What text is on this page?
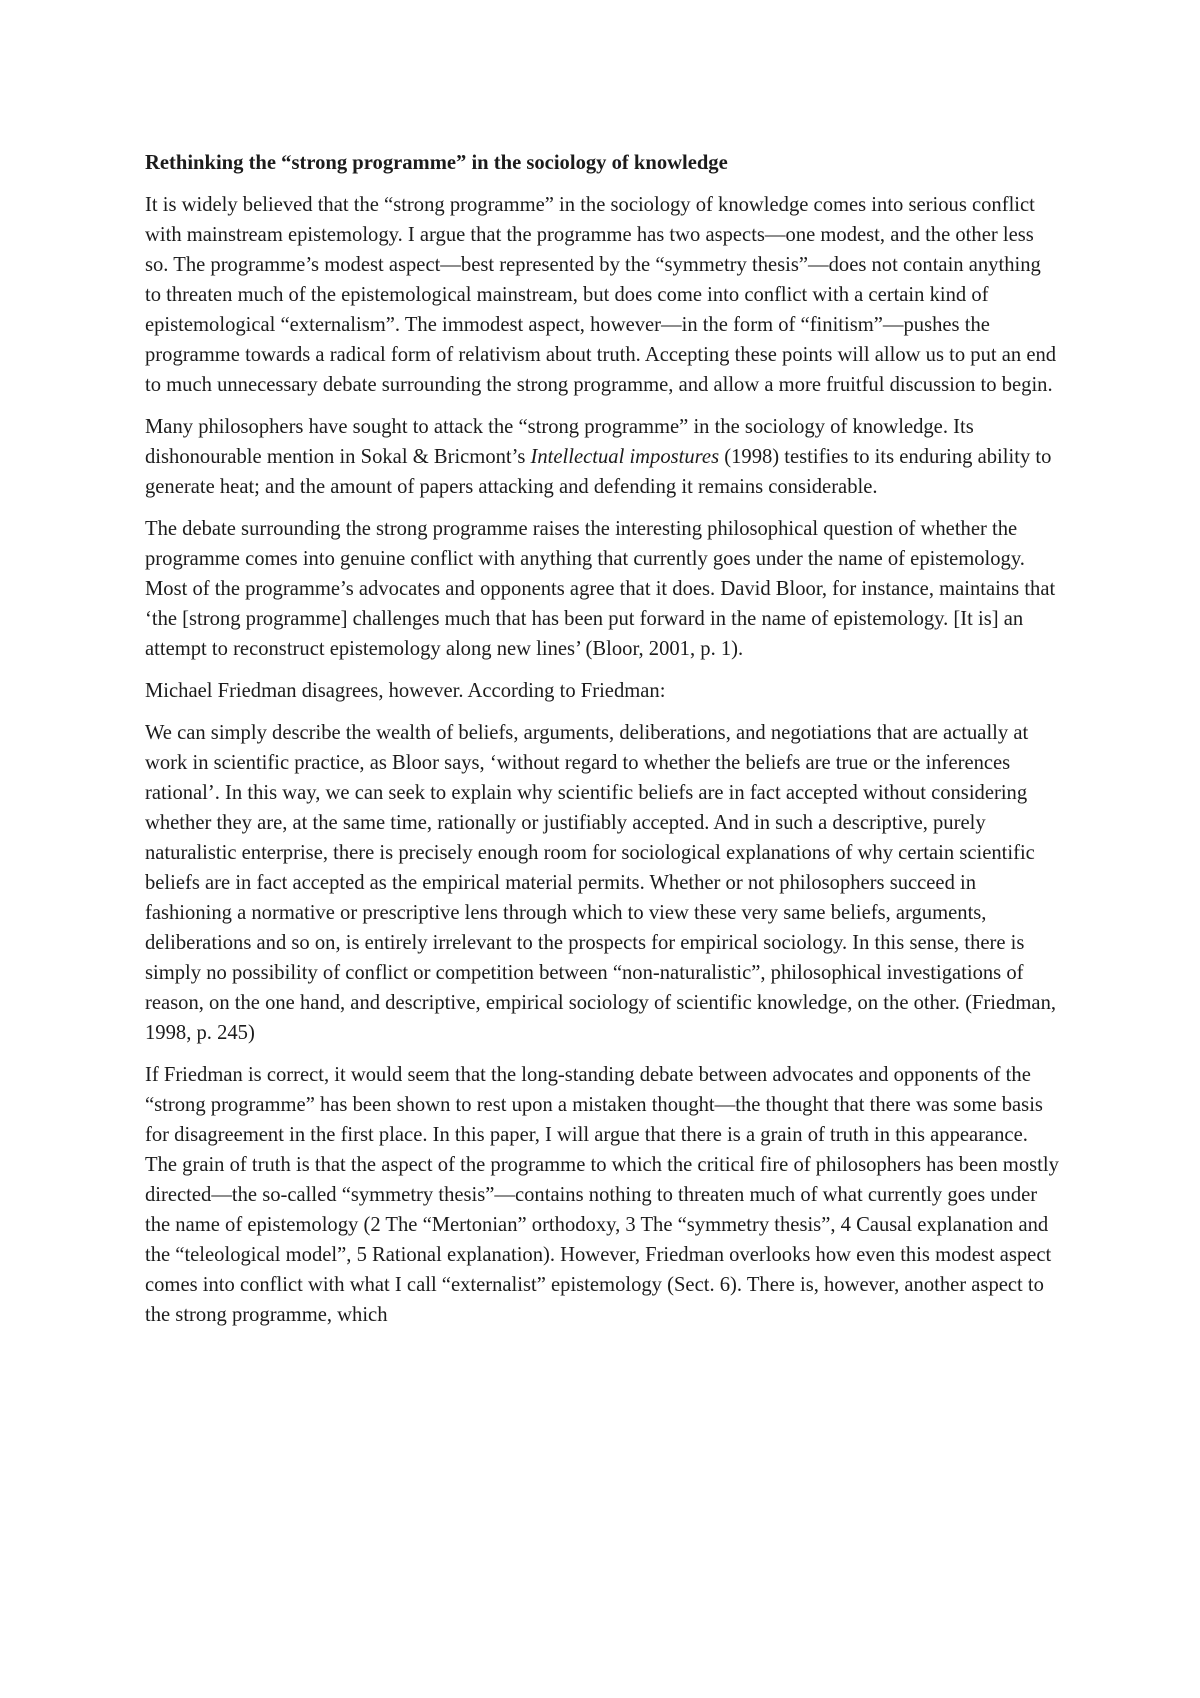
Rethinking the “strong programme” in the sociology of knowledge

It is widely believed that the “strong programme” in the sociology of knowledge comes into serious conflict with mainstream epistemology. I argue that the programme has two aspects—one modest, and the other less so. The programme’s modest aspect—best represented by the “symmetry thesis”—does not contain anything to threaten much of the epistemological mainstream, but does come into conflict with a certain kind of epistemological “externalism”. The immodest aspect, however—in the form of “finitism”—pushes the programme towards a radical form of relativism about truth. Accepting these points will allow us to put an end to much unnecessary debate surrounding the strong programme, and allow a more fruitful discussion to begin.

Many philosophers have sought to attack the “strong programme” in the sociology of knowledge. Its dishonourable mention in Sokal & Bricmont’s Intellectual impostures (1998) testifies to its enduring ability to generate heat; and the amount of papers attacking and defending it remains considerable.

The debate surrounding the strong programme raises the interesting philosophical question of whether the programme comes into genuine conflict with anything that currently goes under the name of epistemology. Most of the programme’s advocates and opponents agree that it does. David Bloor, for instance, maintains that ‘the [strong programme] challenges much that has been put forward in the name of epistemology. [It is] an attempt to reconstruct epistemology along new lines’ (Bloor, 2001, p. 1).

Michael Friedman disagrees, however. According to Friedman:

We can simply describe the wealth of beliefs, arguments, deliberations, and negotiations that are actually at work in scientific practice, as Bloor says, ‘without regard to whether the beliefs are true or the inferences rational’. In this way, we can seek to explain why scientific beliefs are in fact accepted without considering whether they are, at the same time, rationally or justifiably accepted. And in such a descriptive, purely naturalistic enterprise, there is precisely enough room for sociological explanations of why certain scientific beliefs are in fact accepted as the empirical material permits. Whether or not philosophers succeed in fashioning a normative or prescriptive lens through which to view these very same beliefs, arguments, deliberations and so on, is entirely irrelevant to the prospects for empirical sociology. In this sense, there is simply no possibility of conflict or competition between “non-naturalistic”, philosophical investigations of reason, on the one hand, and descriptive, empirical sociology of scientific knowledge, on the other. (Friedman, 1998, p. 245)

If Friedman is correct, it would seem that the long-standing debate between advocates and opponents of the “strong programme” has been shown to rest upon a mistaken thought—the thought that there was some basis for disagreement in the first place. In this paper, I will argue that there is a grain of truth in this appearance. The grain of truth is that the aspect of the programme to which the critical fire of philosophers has been mostly directed—the so-called “symmetry thesis”—contains nothing to threaten much of what currently goes under the name of epistemology (2 The “Mertonian” orthodoxy, 3 The “symmetry thesis”, 4 Causal explanation and the “teleological model”, 5 Rational explanation). However, Friedman overlooks how even this modest aspect comes into conflict with what I call “externalist” epistemology (Sect. 6). There is, however, another aspect to the strong programme, which
